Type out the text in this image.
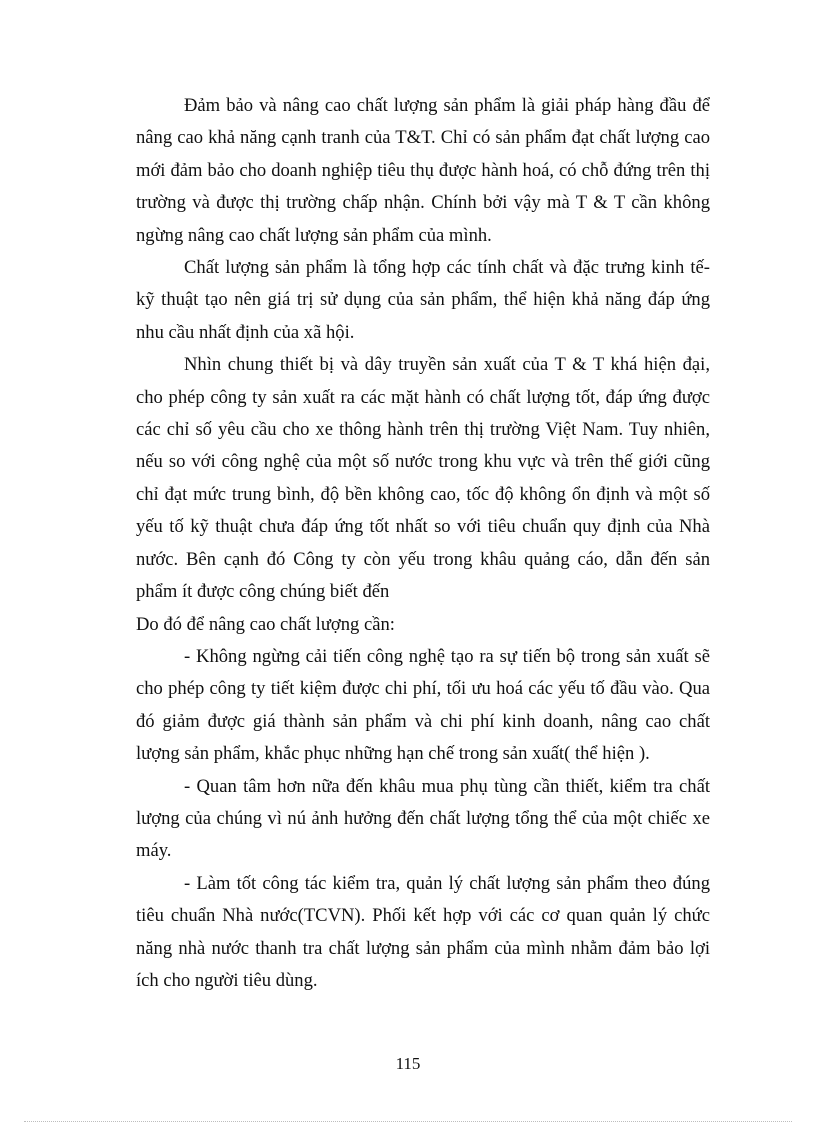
Đảm bảo và nâng cao chất lượng sản phẩm là giải pháp hàng đầu để nâng cao khả năng cạnh tranh của T&T. Chỉ có sản phẩm đạt chất lượng cao mới đảm bảo cho doanh nghiệp tiêu thụ được hành hoá, có chỗ đứng trên thị trường và được thị trường chấp nhận. Chính bởi vậy mà T & T cần không ngừng nâng cao chất lượng sản phẩm của mình.

Chất lượng sản phẩm là tổng hợp các tính chất và đặc trưng kinh tế- kỹ thuật tạo nên giá trị sử dụng của sản phẩm, thể hiện khả năng đáp ứng nhu cầu nhất định của xã hội.

Nhìn chung thiết bị và dây truyền sản xuất của T & T khá hiện đại, cho phép công ty sản xuất ra các mặt hành có chất lượng tốt, đáp ứng được các chỉ số yêu cầu cho xe thông hành trên thị trường Việt Nam. Tuy nhiên, nếu so với công nghệ của một số nước trong khu vực và trên thế giới cũng chỉ đạt mức trung bình, độ bền không cao, tốc độ không ổn định và một số yếu tố kỹ thuật chưa đáp ứng tốt nhất so với tiêu chuẩn quy định của Nhà nước. Bên cạnh đó Công ty còn yếu trong khâu quảng cáo, dẫn đến sản phẩm ít được công chúng biết đến

Do đó để nâng cao chất lượng cần:

- Không ngừng cải tiến công nghệ tạo ra sự tiến bộ trong sản xuất sẽ cho phép công ty tiết kiệm được chi phí, tối ưu hoá các yếu tố đầu vào. Qua đó giảm được giá thành sản phẩm và chi phí kinh doanh, nâng cao chất lượng sản phẩm, khắc phục những hạn chế trong sản xuất( thể hiện ).

- Quan tâm hơn nữa đến khâu mua phụ tùng cần thiết, kiểm tra chất lượng của chúng vì nú ảnh hưởng đến chất lượng tổng thể của một chiếc xe máy.

- Làm tốt công tác kiểm tra, quản lý chất lượng sản phẩm theo đúng tiêu chuẩn Nhà nước(TCVN). Phối kết hợp với các cơ quan quản lý chức năng nhà nước thanh tra chất lượng sản phẩm của mình nhằm đảm bảo lợi ích cho người tiêu dùng.

115
